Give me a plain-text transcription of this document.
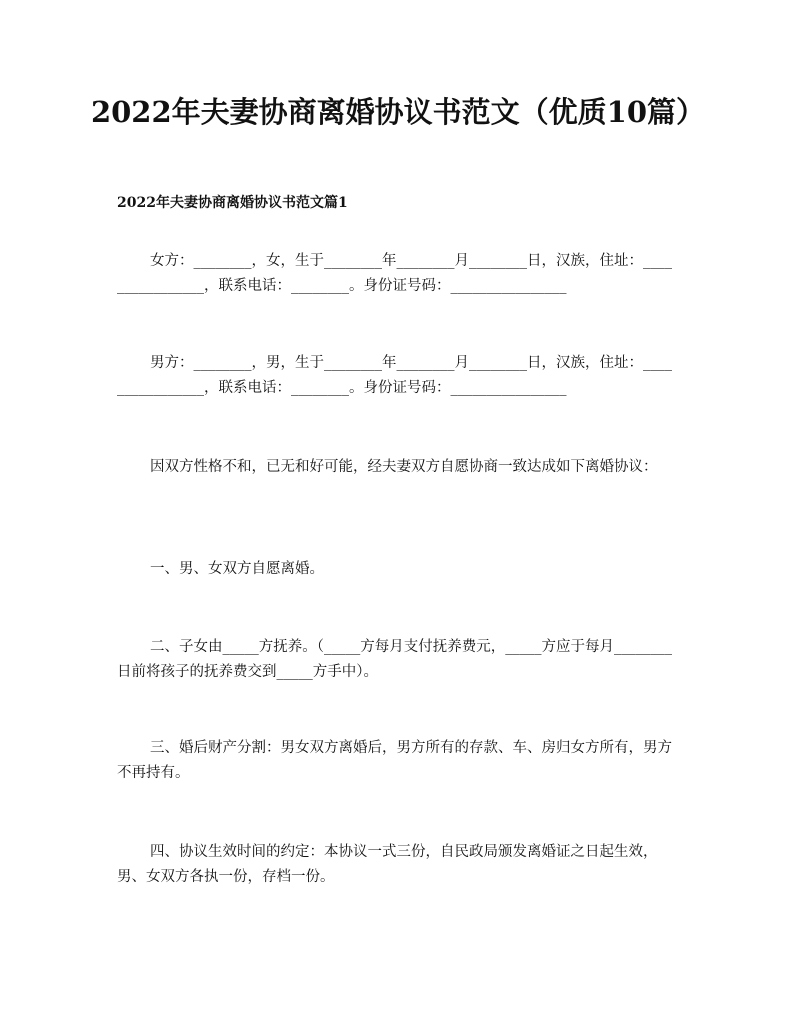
2022年夫妻协商离婚协议书范文（优质10篇）
2022年夫妻协商离婚协议书范文篇1
女方：________，女，生于________年________月________日，汉族，住址：________________，联系电话：________。身份证号码：________________
男方：________，男，生于________年________月________日，汉族，住址：________________，联系电话：________。身份证号码：________________
因双方性格不和，已无和好可能，经夫妻双方自愿协商一致达成如下离婚协议：
一、男、女双方自愿离婚。
二、子女由_____方抚养。（_____方每月支付抚养费元，_____方应于每月________日前将孩子的抚养费交到_____方手中）。
三、婚后财产分割：男女双方离婚后，男方所有的存款、车、房归女方所有，男方不再持有。
四、协议生效时间的约定：本协议一式三份，自民政局颁发离婚证之日起生效，男、女双方各执一份，存档一份。
